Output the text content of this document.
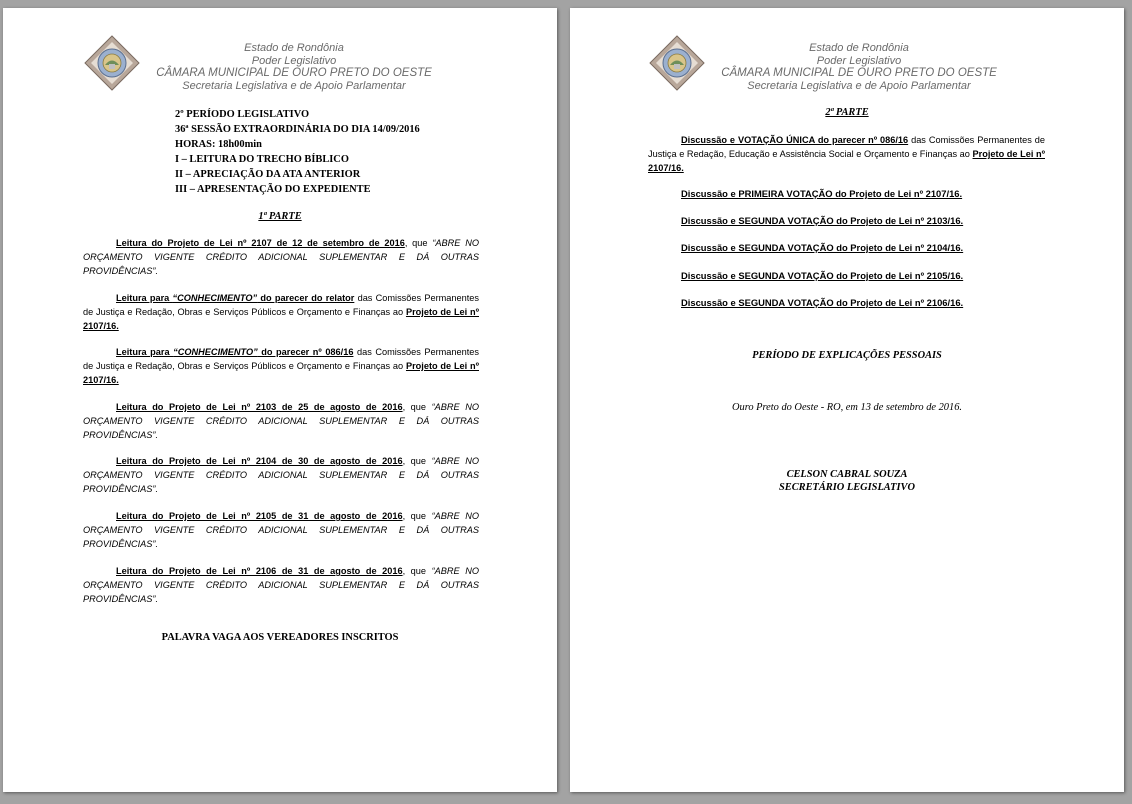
Estado de Rondônia
Poder Legislativo
CÂMARA MUNICIPAL DE OURO PRETO DO OESTE
Secretaria Legislativa e de Apoio Parlamentar
2º PERÍODO LEGISLATIVO
36ª SESSÃO EXTRAORDINÁRIA DO DIA 14/09/2016
HORAS: 18h00min
I – LEITURA DO TRECHO BÍBLICO
II – APRECIAÇÃO DA ATA ANTERIOR
III – APRESENTAÇÃO DO EXPEDIENTE
1ª PARTE
Leitura do Projeto de Lei nº 2107 de 12 de setembro de 2016, que “ABRE NO ORÇAMENTO VIGENTE CRÉDITO ADICIONAL SUPLEMENTAR E DÁ OUTRAS PROVIDÊNCIAS”.
Leitura para “CONHECIMENTO” do parecer do relator das Comissões Permanentes de Justiça e Redação, Obras e Serviços Públicos e Orçamento e Finanças ao Projeto de Lei nº 2107/16.
Leitura para “CONHECIMENTO” do parecer nº 086/16 das Comissões Permanentes de Justiça e Redação, Obras e Serviços Públicos e Orçamento e Finanças ao Projeto de Lei nº 2107/16.
Leitura do Projeto de Lei nº 2103 de 25 de agosto de 2016, que “ABRE NO ORÇAMENTO VIGENTE CRÉDITO ADICIONAL SUPLEMENTAR E DÁ OUTRAS PROVIDÊNCIAS”.
Leitura do Projeto de Lei nº 2104 de 30 de agosto de 2016, que “ABRE NO ORÇAMENTO VIGENTE CRÉDITO ADICIONAL SUPLEMENTAR E DÁ OUTRAS PROVIDÊNCIAS”.
Leitura do Projeto de Lei nº 2105 de 31 de agosto de 2016, que “ABRE NO ORÇAMENTO VIGENTE CRÉDITO ADICIONAL SUPLEMENTAR E DÁ OUTRAS PROVIDÊNCIAS”.
Leitura do Projeto de Lei nº 2106 de 31 de agosto de 2016, que “ABRE NO ORÇAMENTO VIGENTE CRÉDITO ADICIONAL SUPLEMENTAR E DÁ OUTRAS PROVIDÊNCIAS”.
PALAVRA VAGA AOS VEREADORES INSCRITOS
Estado de Rondônia
Poder Legislativo
CÂMARA MUNICIPAL DE OURO PRETO DO OESTE
Secretaria Legislativa e de Apoio Parlamentar
2ª PARTE
Discussão e VOTAÇÃO ÚNICA do parecer nº 086/16 das Comissões Permanentes de Justiça e Redação, Educação e Assistência Social e Orçamento e Finanças ao Projeto de Lei nº 2107/16.
Discussão e PRIMEIRA VOTAÇÃO do Projeto de Lei nº 2107/16.
Discussão e SEGUNDA VOTAÇÃO do Projeto de Lei nº 2103/16.
Discussão e SEGUNDA VOTAÇÃO do Projeto de Lei nº 2104/16.
Discussão e SEGUNDA VOTAÇÃO do Projeto de Lei nº 2105/16.
Discussão e SEGUNDA VOTAÇÃO do Projeto de Lei nº 2106/16.
PERÍODO DE EXPLICAÇÕES PESSOAIS
Ouro Preto do Oeste - RO, em 13 de setembro de 2016.
CELSON CABRAL SOUZA
SECRETÁRIO LEGISLATIVO
